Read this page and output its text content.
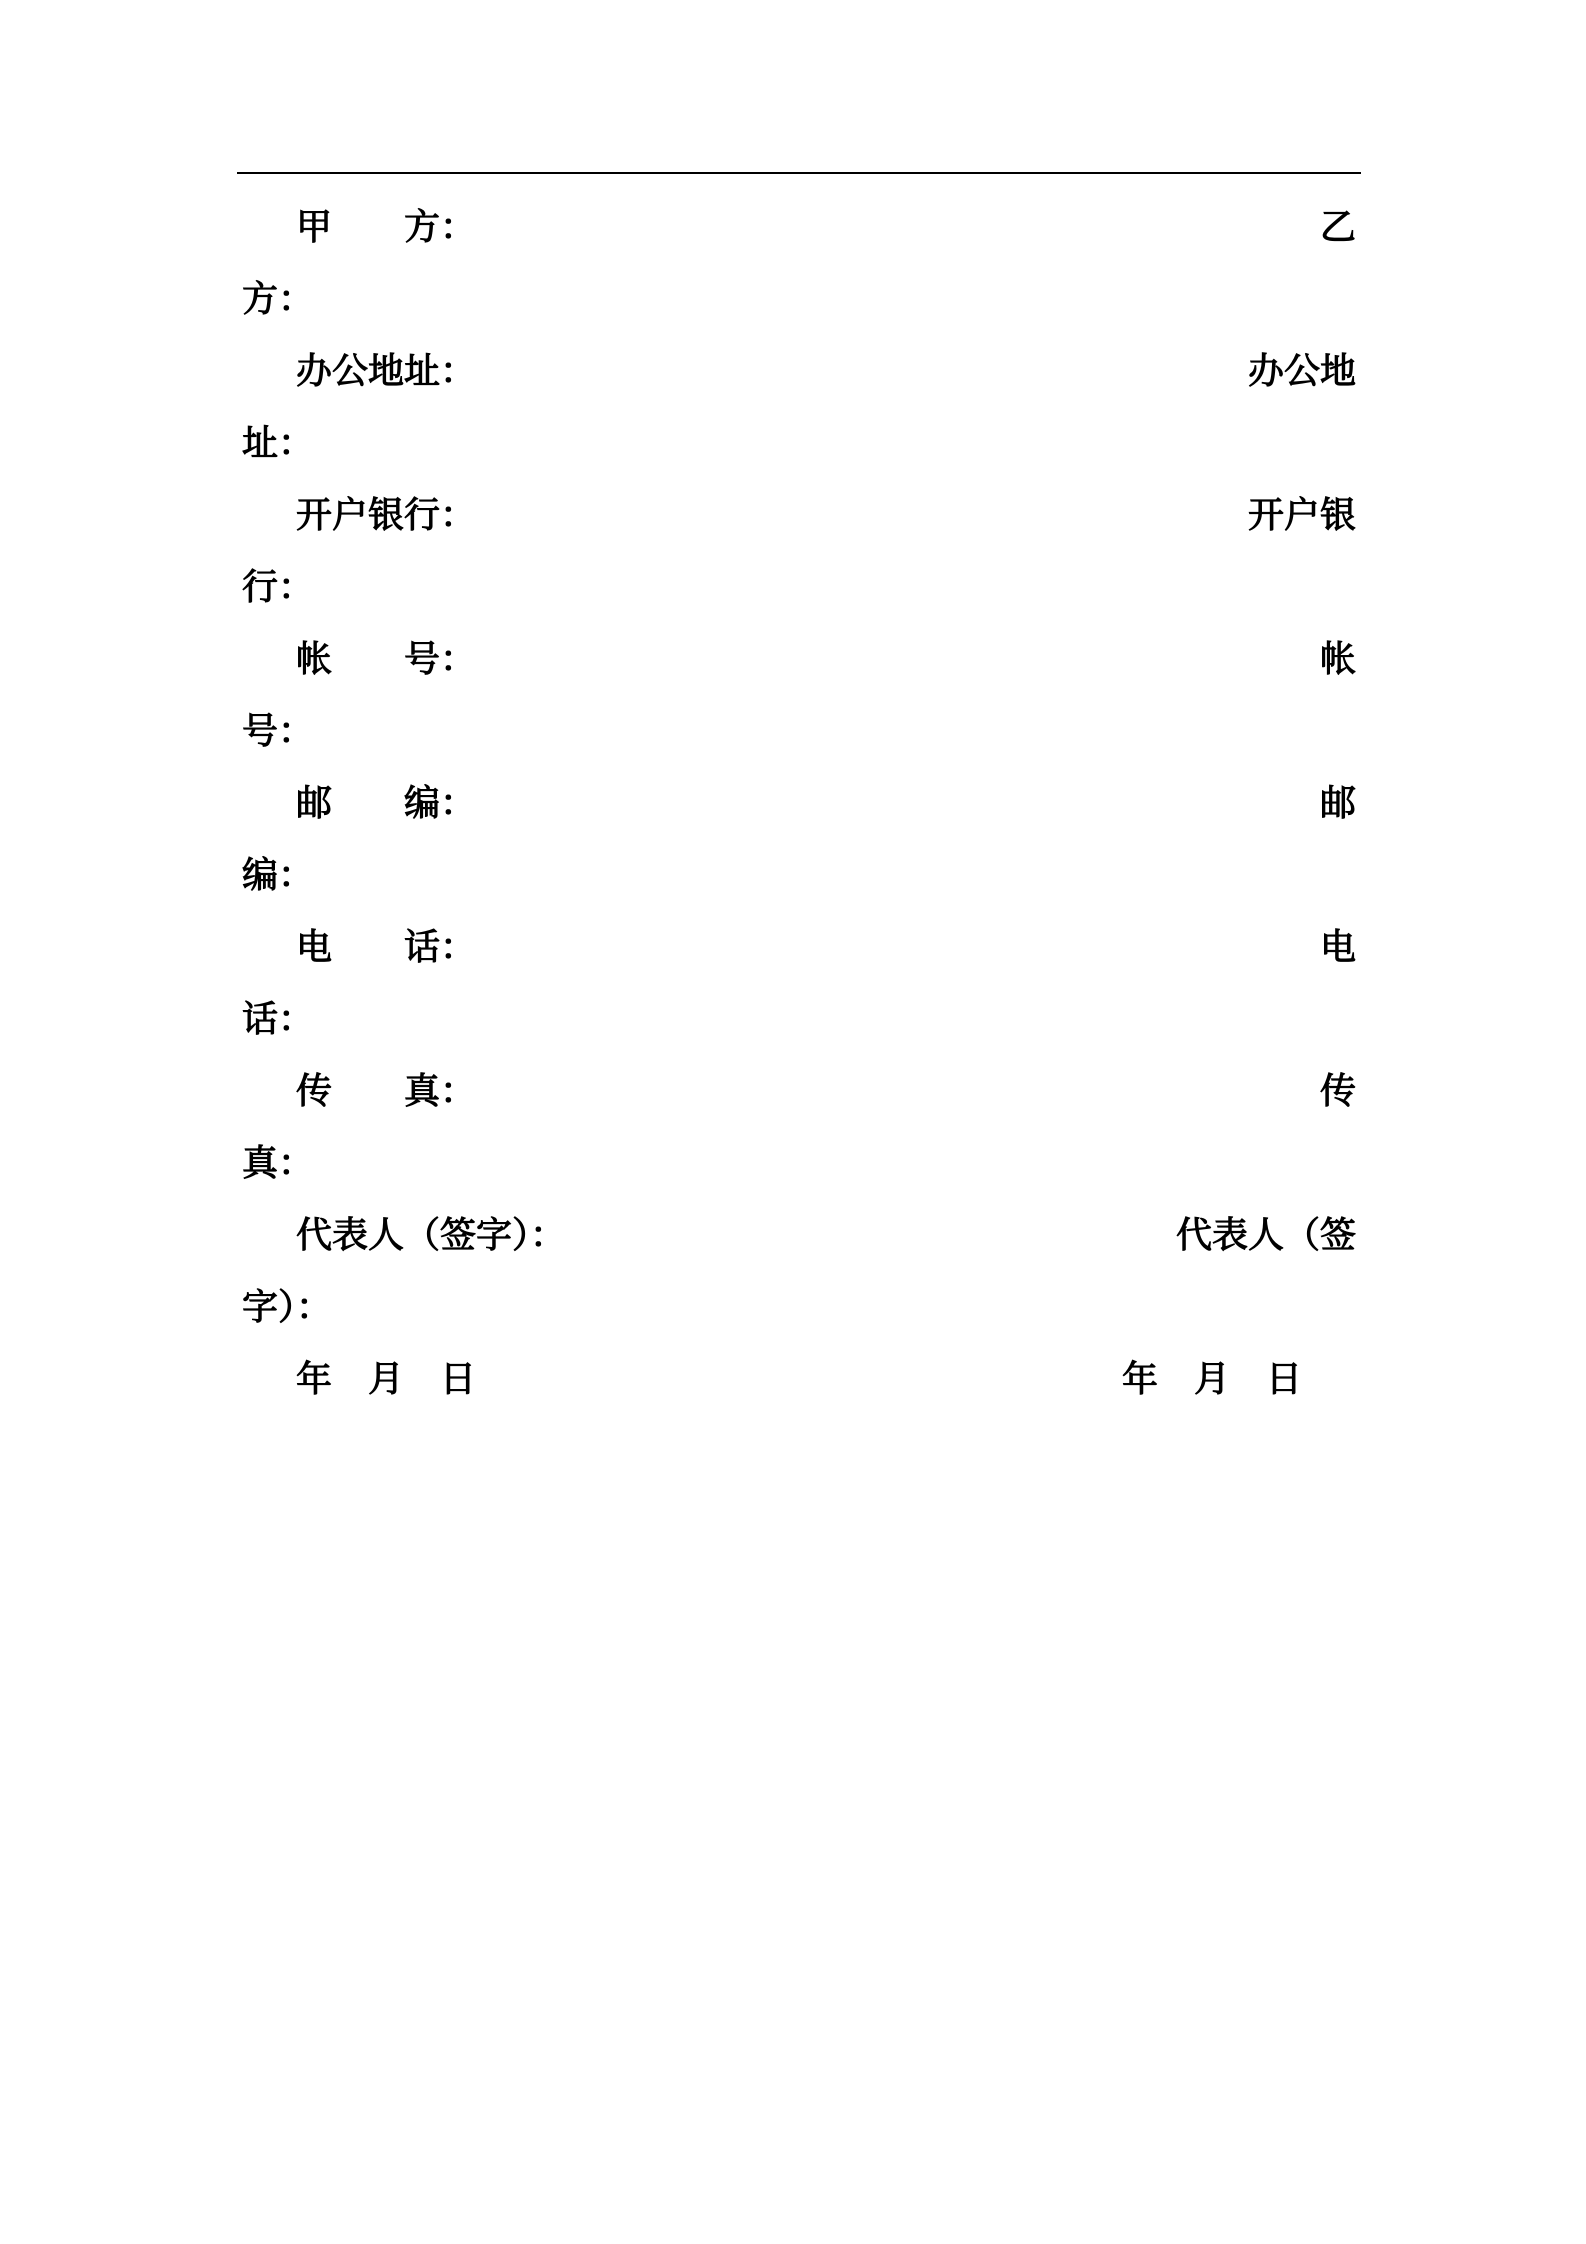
甲　　方：	乙
方：
办公地址：	办公地
址：
开户银行：	开户银
行：
帐　　号：	帐
号：
邮　　编：	邮
编：
电　　话：	电
话：
传　　真：	传
真：
代表人（签字）：	代表人（签
字）：
年　月　日	年　月　日
